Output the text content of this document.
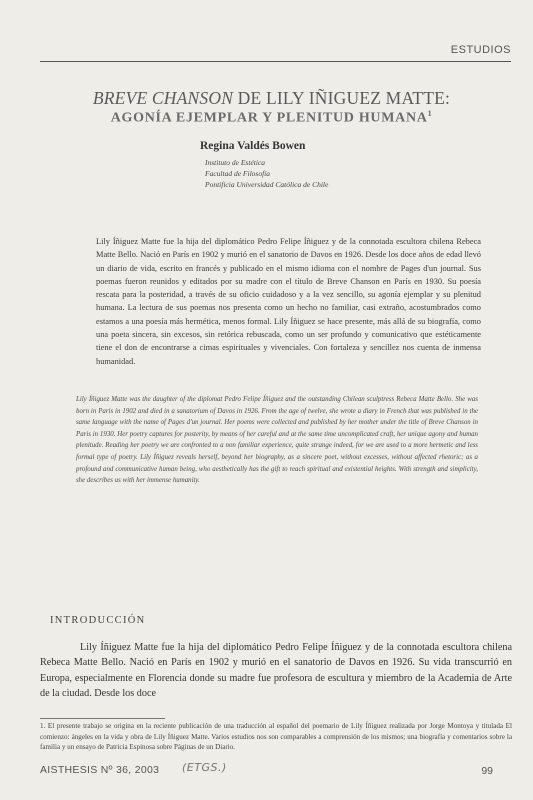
ESTUDIOS
BREVE CHANSON DE LILY IÑIGUEZ MATTE:
AGONÍA EJEMPLAR Y PLENITUD HUMANA$^1$
Regina Valdés Bowen
Instituto de Estética
Facultad de Filosofía
Pontificia Universidad Católica de Chile

Lily Íñiguez Matte fue la hija del diplomático Pedro Felipe Íñiguez y de la connotada escultora chilena Rebeca Matte Bello. Nació en París en 1902 y murió en el sanatorio de Davos en 1926. Desde los doce años de edad llevó un diario de vida, escrito en francés y publicado en el mismo idioma con el nombre de Pages d'un journal. Sus poemas fueron reunidos y editados por su madre con el título de Breve Chanson en París en 1930. Su poesía rescata para la posteridad, a través de su oficio cuidadoso y a la vez sencillo, su agonía ejemplar y su plenitud humana. La lectura de sus poemas nos presenta como un hecho no familiar, casi extraño, acostumbrados como estamos a una poesía más hermética, menos formal. Lily Íñiguez se hace presente, más allá de su biografía, como una poeta sincera, sin excesos, sin retórica rebuscada, como un ser profundo y comunicativo que estéticamente tiene el don de encontrarse a cimas espirituales y vivenciales. Con fortaleza y sencillez nos cuenta de inmensa humanidad.

Lily Íñiguez Matte was the daughter of the diplomat Pedro Felipe Íñiguez and the outstanding Chilean sculptress Rebeca Matte Bello. She was born in Paris in 1902 and died in a sanatorium of Davos in 1926. From the age of twelve, she wrote a diary in French that was published in the same language with the name of Pages d'un journal. Her poems were collected and published by her mother under the title of Breve Chanson in Paris in 1930. Her poetry captures for posterity, by means of her careful and at the same time uncomplicated craft, her unique agony and human plenitude. Reading her poetry we are confronted to a non familiar experience, quite strange indeed, for we are used to a more hermetic and less formal type of poetry. Lily Íñiguez reveals herself, beyond her biography, as a sincere poet, without excesses, without affected rhetoric; as a profound and communicative human being, who aesthetically has the gift to reach spiritual and existential heights. With strength and simplicity, she describes us with her immense humanity.

INTRODUCCIÓN

Lily Íñiguez Matte fue la hija del diplomático Pedro Felipe Íñiguez y de la connotada escultora chilena Rebeca Matte Bello. Nació en París en 1902 y murió en el sanatorio de Davos en 1926. Su vida transcurrió en Europa, especialmente en Florencia donde su madre fue profesora de escultura y miembro de la Academia de Arte de la ciudad. Desde los doce

1. El presente trabajo se origina en la reciente publicación de una traducción al español del poemario de Lily Íñiguez realizada por Jorge Montoya y titulada El comienzo: ángeles en la vida y obra de Lily Íñiguez Matte. Varios estudios nos son comparables a comprensión de los mismos; una biografía y comentarios sobre la familia y un ensayo de Patricia Espinosa sobre Páginas de un Diario.

AISTHESIS Nº 36, 2003 (ETGS.)	99
